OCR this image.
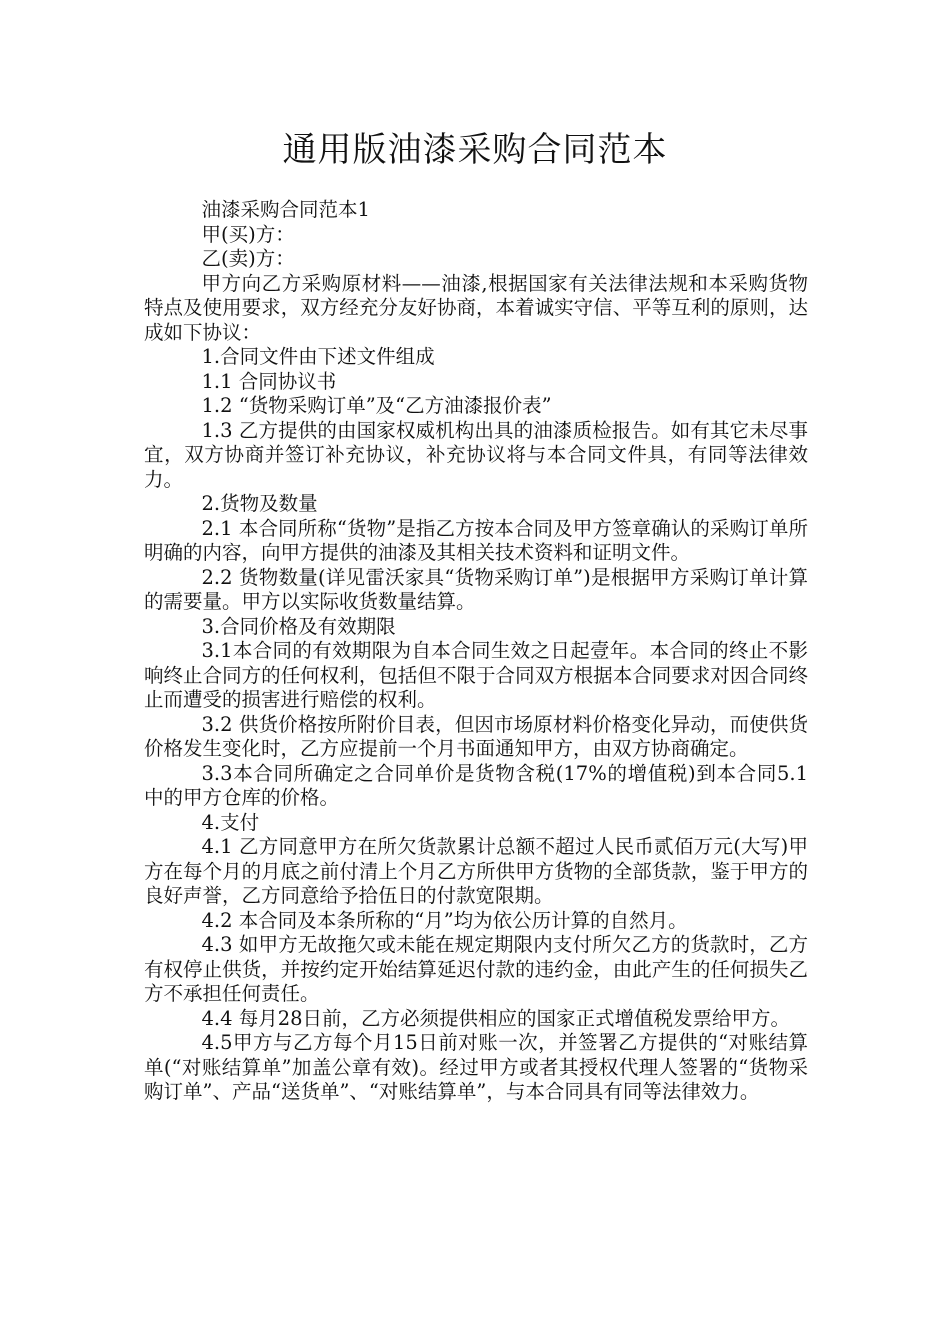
通用版油漆采购合同范本

油漆采购合同范本1

甲(买)方：

乙(卖)方：

甲方向乙方采购原材料——油漆,根据国家有关法律法规和本采购货物特点及使用要求，双方经充分友好协商，本着诚实守信、平等互利的原则，达成如下协议：

1.合同文件由下述文件组成

1.1 合同协议书

1.2 “货物采购订单”及“乙方油漆报价表”

1.3 乙方提供的由国家权威机构出具的油漆质检报告。如有其它未尽事宜，双方协商并签订补充协议，补充协议将与本合同文件具，有同等法律效力。

2.货物及数量

2.1 本合同所称“货物”是指乙方按本合同及甲方签章确认的采购订单所明确的内容，向甲方提供的油漆及其相关技术资料和证明文件。

2.2 货物数量(详见雷沃家具“货物采购订单”)是根据甲方采购订单计算的需要量。甲方以实际收货数量结算。

3.合同价格及有效期限

3.1本合同的有效期限为自本合同生效之日起壹年。本合同的终止不影响终止合同方的任何权利，包括但不限于合同双方根据本合同要求对因合同终止而遭受的损害进行赔偿的权利。

3.2 供货价格按所附价目表，但因市场原材料价格变化异动，而使供货价格发生变化时，乙方应提前一个月书面通知甲方，由双方协商确定。

3.3本合同所确定之合同单价是货物含税(17%的增值税)到本合同5.1中的甲方仓库的价格。

4.支付

4.1 乙方同意甲方在所欠货款累计总额不超过人民币贰佰万元(大写)甲方在每个月的月底之前付清上个月乙方所供甲方货物的全部货款，鉴于甲方的良好声誉，乙方同意给予拾伍日的付款宽限期。

4.2 本合同及本条所称的“月”均为依公历计算的自然月。

4.3 如甲方无故拖欠或未能在规定期限内支付所欠乙方的货款时，乙方有权停止供货，并按约定开始结算延迟付款的违约金，由此产生的任何损失乙方不承担任何责任。

4.4 每月28日前，乙方必须提供相应的国家正式增值税发票给甲方。

4.5甲方与乙方每个月15日前对账一次，并签署乙方提供的“对账结算单(“对账结算单”加盖公章有效)。经过甲方或者其授权代理人签署的“货物采购订单”、产品“送货单”、“对账结算单”，与本合同具有同等法律效力。
